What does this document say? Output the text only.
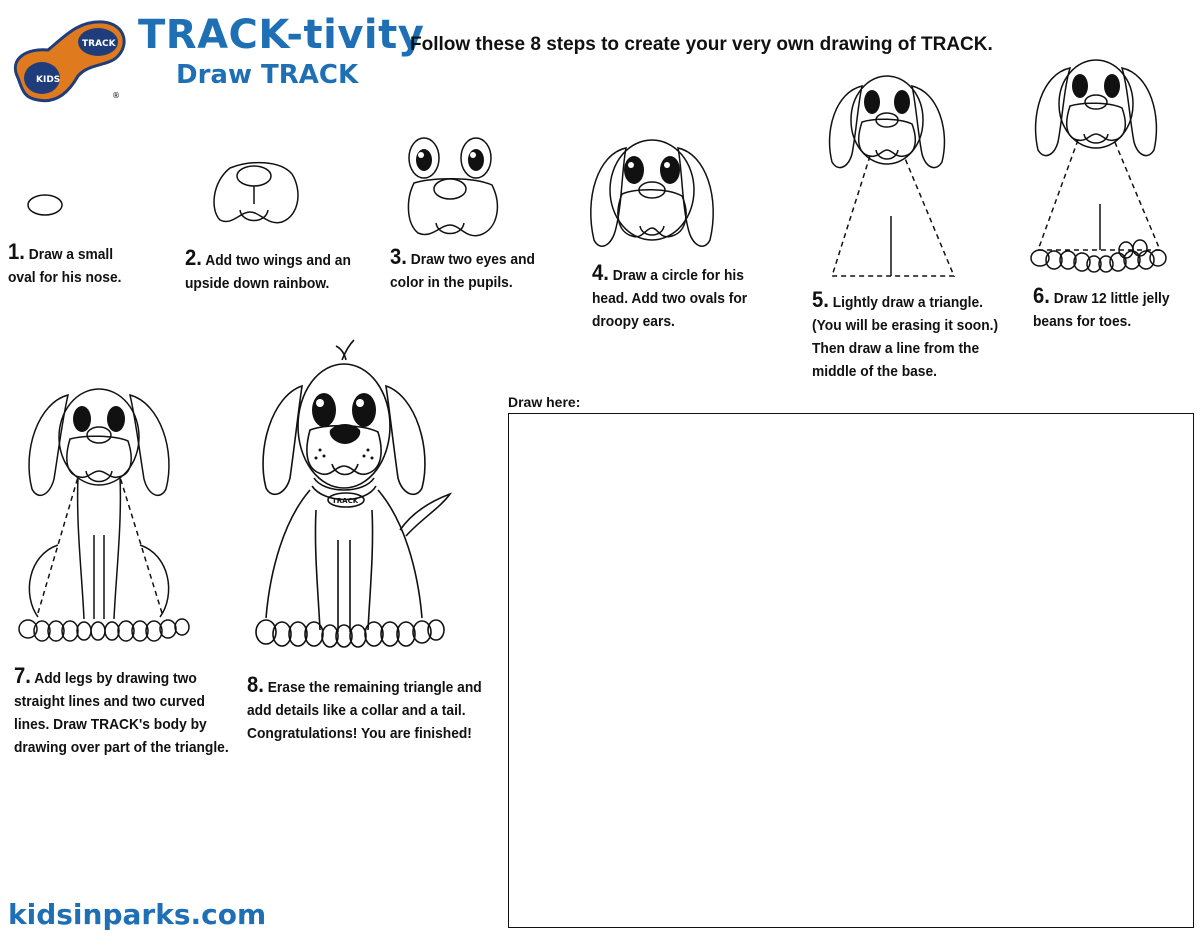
KIDS
TRACK
®
TRACK-tivity
Draw TRACK
Follow these 8 steps to create your very own drawing of TRACK.
TRACK
1. Draw a small
oval for his nose.
2. Add two wings and an
upside down rainbow.
3. Draw two eyes and
color in the pupils.	4. Draw a circle for his
head. Add two ovals for
droopy ears.
5. Lightly draw a triangle.
(You will be erasing it soon.)
Then draw a line from the
middle of the base.
6. Draw 12 little jelly
beans for toes.
7. Add legs by drawing two
straight lines and two curved
lines. Draw TRACK's body by
drawing over part of the triangle.
8. Erase the remaining triangle and
add details like a collar and a tail.
Congratulations! You are finished!
Draw here:
kidsinparks.com
